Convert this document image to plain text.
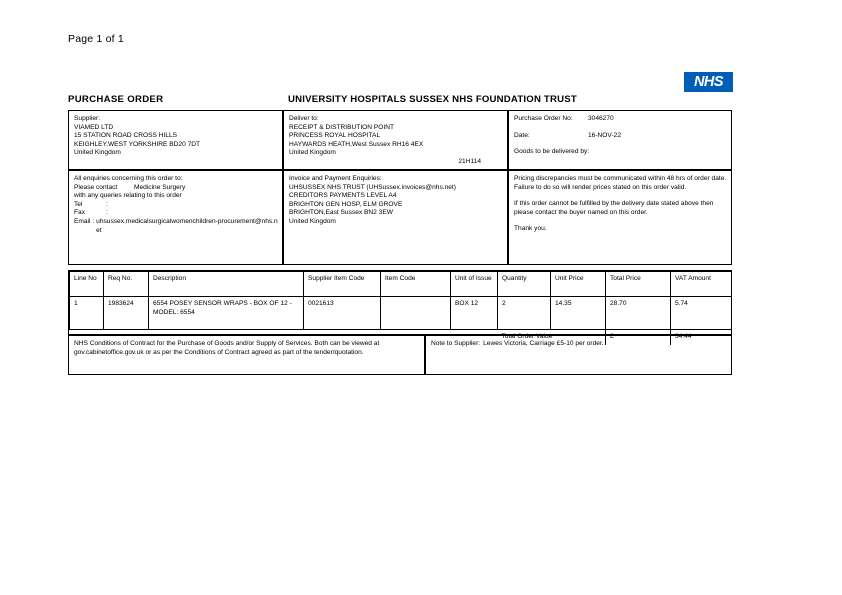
Page 1 of 1
NHS
PURCHASE ORDER	UNIVERSITY HOSPITALS SUSSEX NHS FOUNDATION TRUST
Supplier:
VIAMED LTD
15 STATION ROAD CROSS HILLS
KEIGHLEY,WEST YORKSHIRE BD20 7DT
United Kingdom
Deliver to:
RECEIPT & DISTRIBUTION POINT
PRINCESS ROYAL HOSPITAL
HAYWARDS HEATH,West Sussex RH16 4EX
United Kingdom
21H114
Purchase Order No:	3046270
Date:	16-NOV-22
Goods to be delivered by:
All enquiries concerning this order to:
Please contact	Medicine Surgery
with any queries relating to this order
Tel	:
Fax	:
Email : uhsussex.medicalsurgicalwomenchildren-procurement@nhs.net
Invoice and Payment Enquiries:
UHSUSSEX NHS TRUST (UHSussex.invoices@nhs.net)
CREDITORS PAYMENTS LEVEL A4
BRIGHTON GEN HOSP, ELM GROVE
BRIGHTON,East Sussex BN2 3EW
United Kingdom
Pricing discrepancies must be communicated within 48 hrs of order date. Failure to do so will render prices stated on this order valid.
If this order cannot be fulfilled by the delivery date stated above then please contact the buyer named on this order.
Thank you.
Line No	Req No.	Description	Supplier Item Code	Item Code	Unit of Issue	Quantity	Unit Price	Total Price	VAT Amount
1	1983624	6554 POSEY SENSOR WRAPS - BOX OF 12 - MODEL: 6554	0021613		BOX 12	2	14.35	28.70	5.74
						Total Order Value		£	34.44
NHS Conditions of Contract for the Purchase of Goods and/or Supply of Services. Both can be viewed at gov.cabinetoffice.gov.uk or as per the Conditions of Contract agreed as part of the tender/quotation.
Note to Supplier: Lewes Victoria, Carriage £5-10 per order.
